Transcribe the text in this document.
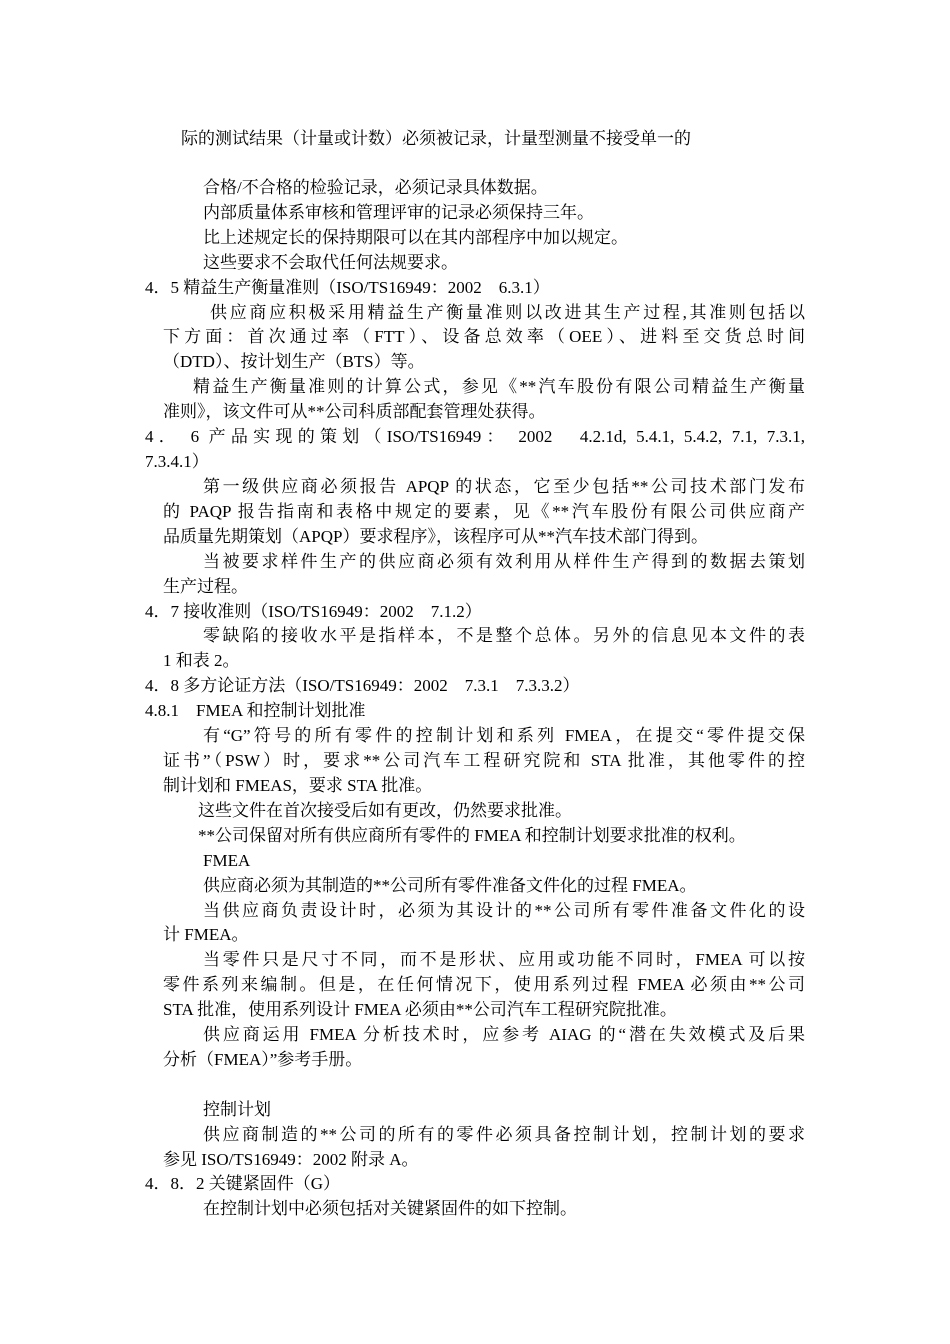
际的测试结果（计量或计数）必须被记录，计量型测量不接受单一的
合格/不合格的检验记录，必须记录具体数据。
内部质量体系审核和管理评审的记录必须保持三年。
比上述规定长的保持期限可以在其内部程序中加以规定。
这些要求不会取代任何法规要求。
4．5 精益生产衡量准则（ISO/TS16949：2002　6.3.1）
供应商应积极采用精益生产衡量准则以改进其生产过程,其准则包括以
下方面：首次通过率（FTT）、设备总效率（OEE）、进料至交货总时间
（DTD）、按计划生产（BTS）等。
精益生产衡量准则的计算公式，参见《**汽车股份有限公司精益生产衡量
准则》，该文件可从**公司科质部配套管理处获得。
4． 6 产品实现的策划（ISO/TS16949： 2002　4.2.1d, 5.4.1, 5.4.2, 7.1, 7.3.1,
7.3.4.1）
第一级供应商必须报告 APQP 的状态，它至少包括**公司技术部门发布
的 PAQP 报告指南和表格中规定的要素，见《**汽车股份有限公司供应商产
品质量先期策划（APQP）要求程序》，该程序可从**汽车技术部门得到。
当被要求样件生产的供应商必须有效利用从样件生产得到的数据去策划
生产过程。
4．7 接收准则（ISO/TS16949：2002　7.1.2）
零缺陷的接收水平是指样本，不是整个总体。另外的信息见本文件的表
1 和表 2。
4．8 多方论证方法（ISO/TS16949：2002　7.3.1　7.3.3.2）
4.8.1　FMEA 和控制计划批准
有“G”符号的所有零件的控制计划和系列 FMEA，在提交“零件提交保
证书”（PSW）时，要求**公司汽车工程研究院和 STA 批准，其他零件的控
制计划和 FMEAS，要求 STA 批准。
这些文件在首次接受后如有更改，仍然要求批准。
**公司保留对所有供应商所有零件的 FMEA 和控制计划要求批准的权利。
FMEA
供应商必须为其制造的**公司所有零件准备文件化的过程 FMEA。
当供应商负责设计时，必须为其设计的**公司所有零件准备文件化的设
计 FMEA。
当零件只是尺寸不同，而不是形状、应用或功能不同时，FMEA 可以按
零件系列来编制。但是，在任何情况下，使用系列过程 FMEA 必须由**公司
STA 批准，使用系列设计 FMEA 必须由**公司汽车工程研究院批准。
供应商运用 FMEA 分析技术时，应参考 AIAG 的“潜在失效模式及后果
分析（FMEA）”参考手册。
控制计划
供应商制造的**公司的所有的零件必须具备控制计划，控制计划的要求
参见 ISO/TS16949：2002 附录 A。
4．8．2 关键紧固件（G）
在控制计划中必须包括对关键紧固件的如下控制。
